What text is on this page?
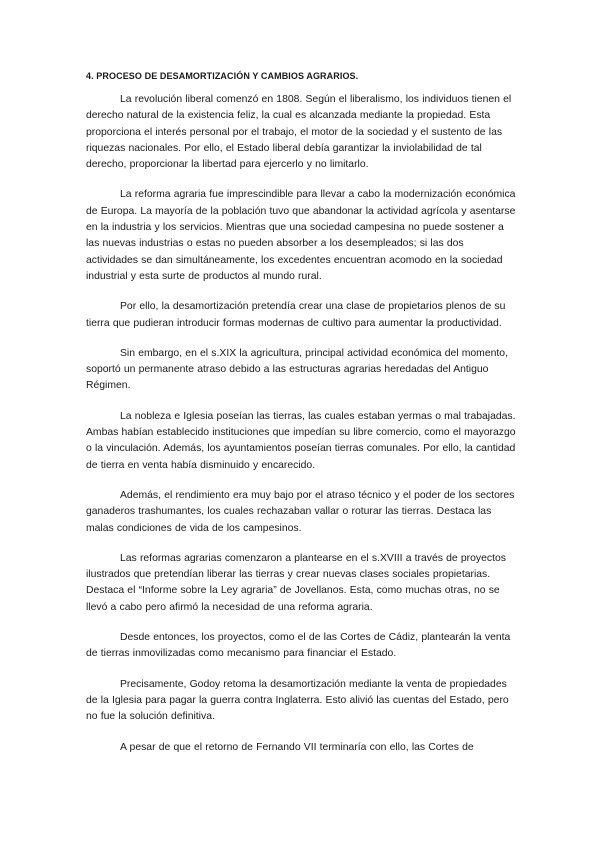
4. PROCESO DE DESAMORTIZACIÓN Y CAMBIOS AGRARIOS.

La revolución liberal comenzó en 1808. Según el liberalismo, los individuos tienen el derecho natural de la existencia feliz, la cual es alcanzada mediante la propiedad. Esta proporciona el interés personal por el trabajo, el motor de la sociedad y el sustento de las riquezas nacionales. Por ello, el Estado liberal debía garantizar la inviolabilidad de tal derecho, proporcionar la libertad para ejercerlo y no limitarlo.

La reforma agraria fue imprescindible para llevar a cabo la modernización económica de Europa. La mayoría de la población tuvo que abandonar la actividad agrícola y asentarse en la industria y los servicios. Mientras que una sociedad campesina no puede sostener a las nuevas industrias o estas no pueden absorber a los desempleados; si las dos actividades se dan simultáneamente, los excedentes encuentran acomodo en la sociedad industrial y esta surte de productos al mundo rural.

Por ello, la desamortización pretendía crear una clase de propietarios plenos de su tierra que pudieran introducir formas modernas de cultivo para aumentar la productividad.

Sin embargo, en el s.XIX la agricultura, principal actividad económica del momento, soportó un permanente atraso debido a las estructuras agrarias heredadas del Antiguo Régimen.

La nobleza e Iglesia poseían las tierras, las cuales estaban yermas o mal trabajadas. Ambas habían establecido instituciones que impedían su libre comercio, como el mayorazgo o la vinculación. Además, los ayuntamientos poseían tierras comunales. Por ello, la cantidad de tierra en venta había disminuido y encarecido.

Además, el rendimiento era muy bajo por el atraso técnico y el poder de los sectores ganaderos trashumantes, los cuales rechazaban vallar o roturar las tierras. Destaca las malas condiciones de vida de los campesinos.

Las reformas agrarias comenzaron a plantearse en el s.XVIII a través de proyectos ilustrados que pretendían liberar las tierras y crear nuevas clases sociales propietarias. Destaca el “Informe sobre la Ley agraria” de Jovellanos. Esta, como muchas otras, no se llevó a cabo pero afirmó la necesidad de una reforma agraria.

Desde entonces, los proyectos, como el de las Cortes de Cádiz, plantearán la venta de tierras inmovilizadas como mecanismo para financiar el Estado.

Precisamente, Godoy retoma la desamortización mediante la venta de propiedades de la Iglesia para pagar la guerra contra Inglaterra. Esto alivió las cuentas del Estado, pero no fue la solución definitiva.

A pesar de que el retorno de Fernando VII terminaría con ello, las Cortes de
